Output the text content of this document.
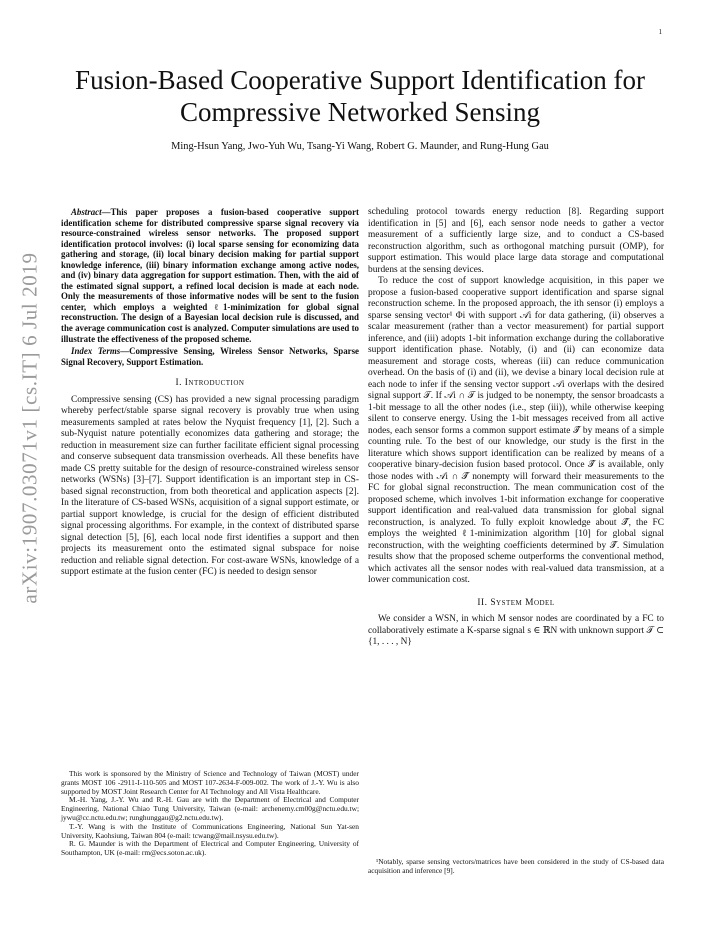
1
arXiv:1907.03071v1 [cs.IT] 6 Jul 2019
Fusion-Based Cooperative Support Identification for Compressive Networked Sensing
Ming-Hsun Yang, Jwo-Yuh Wu, Tsang-Yi Wang, Robert G. Maunder, and Rung-Hung Gau

Abstract—This paper proposes a fusion-based cooperative support identification scheme for distributed compressive sparse signal recovery via resource-constrained wireless sensor networks. The proposed support identification protocol involves: (i) local sparse sensing for economizing data gathering and storage, (ii) local binary decision making for partial support knowledge inference, (iii) binary information exchange among active nodes, and (iv) binary data aggregation for support estimation. Then, with the aid of the estimated signal support, a refined local decision is made at each node. Only the measurements of those informative nodes will be sent to the fusion center, which employs a weighted ℓ1-minimization for global signal reconstruction. The design of a Bayesian local decision rule is discussed, and the average communication cost is analyzed. Computer simulations are used to illustrate the effectiveness of the proposed scheme.

Index Terms—Compressive Sensing, Wireless Sensor Networks, Sparse Signal Recovery, Support Estimation.

I. Introduction

Compressive sensing (CS) has provided a new signal processing paradigm whereby perfect/stable sparse signal recovery is provably true when using measurements sampled at rates below the Nyquist frequency [1], [2]. Such a sub-Nyquist nature potentially economizes data gathering and storage; the reduction in measurement size can further facilitate efficient signal processing and conserve subsequent data transmission overheads. All these benefits have made CS pretty suitable for the design of resource-constrained wireless sensor networks (WSNs) [3]–[7]. Support identification is an important step in CS-based signal reconstruction, from both theoretical and application aspects [2]. In the literature of CS-based WSNs, acquisition of a signal support estimate, or partial support knowledge, is crucial for the design of efficient distributed signal processing algorithms. For example, in the context of distributed sparse signal detection [5], [6], each local node first identifies a support and then projects its measurement onto the estimated signal subspace for noise reduction and reliable signal detection. For cost-aware WSNs, knowledge of a support estimate at the fusion center (FC) is needed to design sensor

scheduling protocol towards energy reduction [8]. Regarding support identification in [5] and [6], each sensor node needs to gather a vector measurement of a sufficiently large size, and to conduct a CS-based reconstruction algorithm, such as orthogonal matching pursuit (OMP), for support estimation. This would place large data storage and computational burdens at the sensing devices.

To reduce the cost of support knowledge acquisition, in this paper we propose a fusion-based cooperative support identification and sparse signal reconstruction scheme. In the proposed approach, the ith sensor (i) employs a sparse sensing vector¹ Φi with support 𝒜i for data gathering, (ii) observes a scalar measurement (rather than a vector measurement) for partial support inference, and (iii) adopts 1-bit information exchange during the collaborative support identification phase. Notably, (i) and (ii) can economize data measurement and storage costs, whereas (iii) can reduce communication overhead. On the basis of (i) and (ii), we devise a binary local decision rule at each node to infer if the sensing vector support 𝒜i overlaps with the desired signal support 𝒯. If 𝒜i ∩ 𝒯 is judged to be nonempty, the sensor broadcasts a 1-bit message to all the other nodes (i.e., step (iii)), while otherwise keeping silent to conserve energy. Using the 1-bit messages received from all active nodes, each sensor forms a common support estimate 𝒯̂ by means of a simple counting rule. To the best of our knowledge, our study is the first in the literature which shows support identification can be realized by means of a cooperative binary-decision fusion based protocol. Once 𝒯̂ is available, only those nodes with 𝒜i ∩ 𝒯̂ nonempty will forward their measurements to the FC for global signal reconstruction. The mean communication cost of the proposed scheme, which involves 1-bit information exchange for cooperative support identification and real-valued data transmission for global signal reconstruction, is analyzed. To fully exploit knowledge about 𝒯̂, the FC employs the weighted ℓ1-minimization algorithm [10] for global signal reconstruction, with the weighting coefficients determined by 𝒯̂. Simulation results show that the proposed scheme outperforms the conventional method, which activates all the sensor nodes with real-valued data transmission, at a lower communication cost.

II. System Model

We consider a WSN, in which M sensor nodes are coordinated by a FC to collaboratively estimate a K-sparse signal s ∈ ℝN with unknown support 𝒯 ⊂ {1, . . . , N}

This work is sponsored by the Ministry of Science and Technology of Taiwan (MOST) under grants MOST 106 -2911-I-110-505 and MOST 107-2634-F-009-002. The work of J.-Y. Wu is also supported by MOST Joint Research Center for AI Technology and All Vista Healthcare.

M.-H. Yang, J.-Y. Wu and R.-H. Gau are with the Department of Electrical and Computer Engineering, National Chiao Tung University, Taiwan (e-mail: archenemy.cm00g@nctu.edu.tw; jywu@cc.nctu.edu.tw; runghunggau@g2.nctu.edu.tw).

T.-Y. Wang is with the Institute of Communications Engineering, National Sun Yat-sen University, Kaohsiung, Taiwan 804 (e-mail: tcwang@mail.nsysu.edu.tw).

R. G. Maunder is with the Department of Electrical and Computer Engineering, University of Southampton, UK (e-mail: rm@ecs.soton.ac.uk).

¹Notably, sparse sensing vectors/matrices have been considered in the study of CS-based data acquisition and inference [9].
